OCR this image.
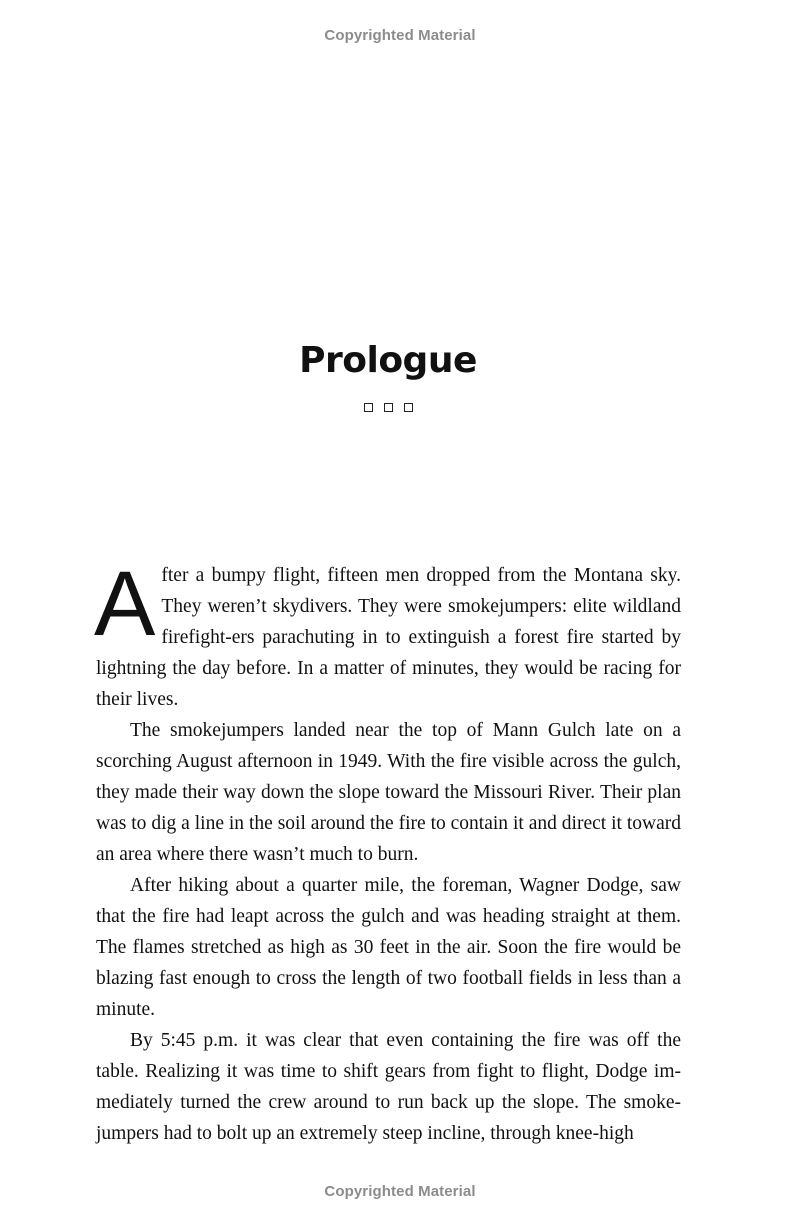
Copyrighted Material
Prologue

After a bumpy flight, fifteen men dropped from the Montana sky. They weren’t skydivers. They were smokejumpers: elite wildland firefight-ers parachuting in to extinguish a forest fire started by lightning the day before. In a matter of minutes, they would be racing for their lives.

The smokejumpers landed near the top of Mann Gulch late on a scorching August afternoon in 1949. With the fire visible across the gulch, they made their way down the slope toward the Missouri River. Their plan was to dig a line in the soil around the fire to contain it and direct it toward an area where there wasn’t much to burn.

After hiking about a quarter mile, the foreman, Wagner Dodge, saw that the fire had leapt across the gulch and was heading straight at them. The flames stretched as high as 30 feet in the air. Soon the fire would be blazing fast enough to cross the length of two football fields in less than a minute.

By 5:45 p.m. it was clear that even containing the fire was off the table. Realizing it was time to shift gears from fight to flight, Dodge im-mediately turned the crew around to run back up the slope. The smoke-jumpers had to bolt up an extremely steep incline, through knee-high

Copyrighted Material
